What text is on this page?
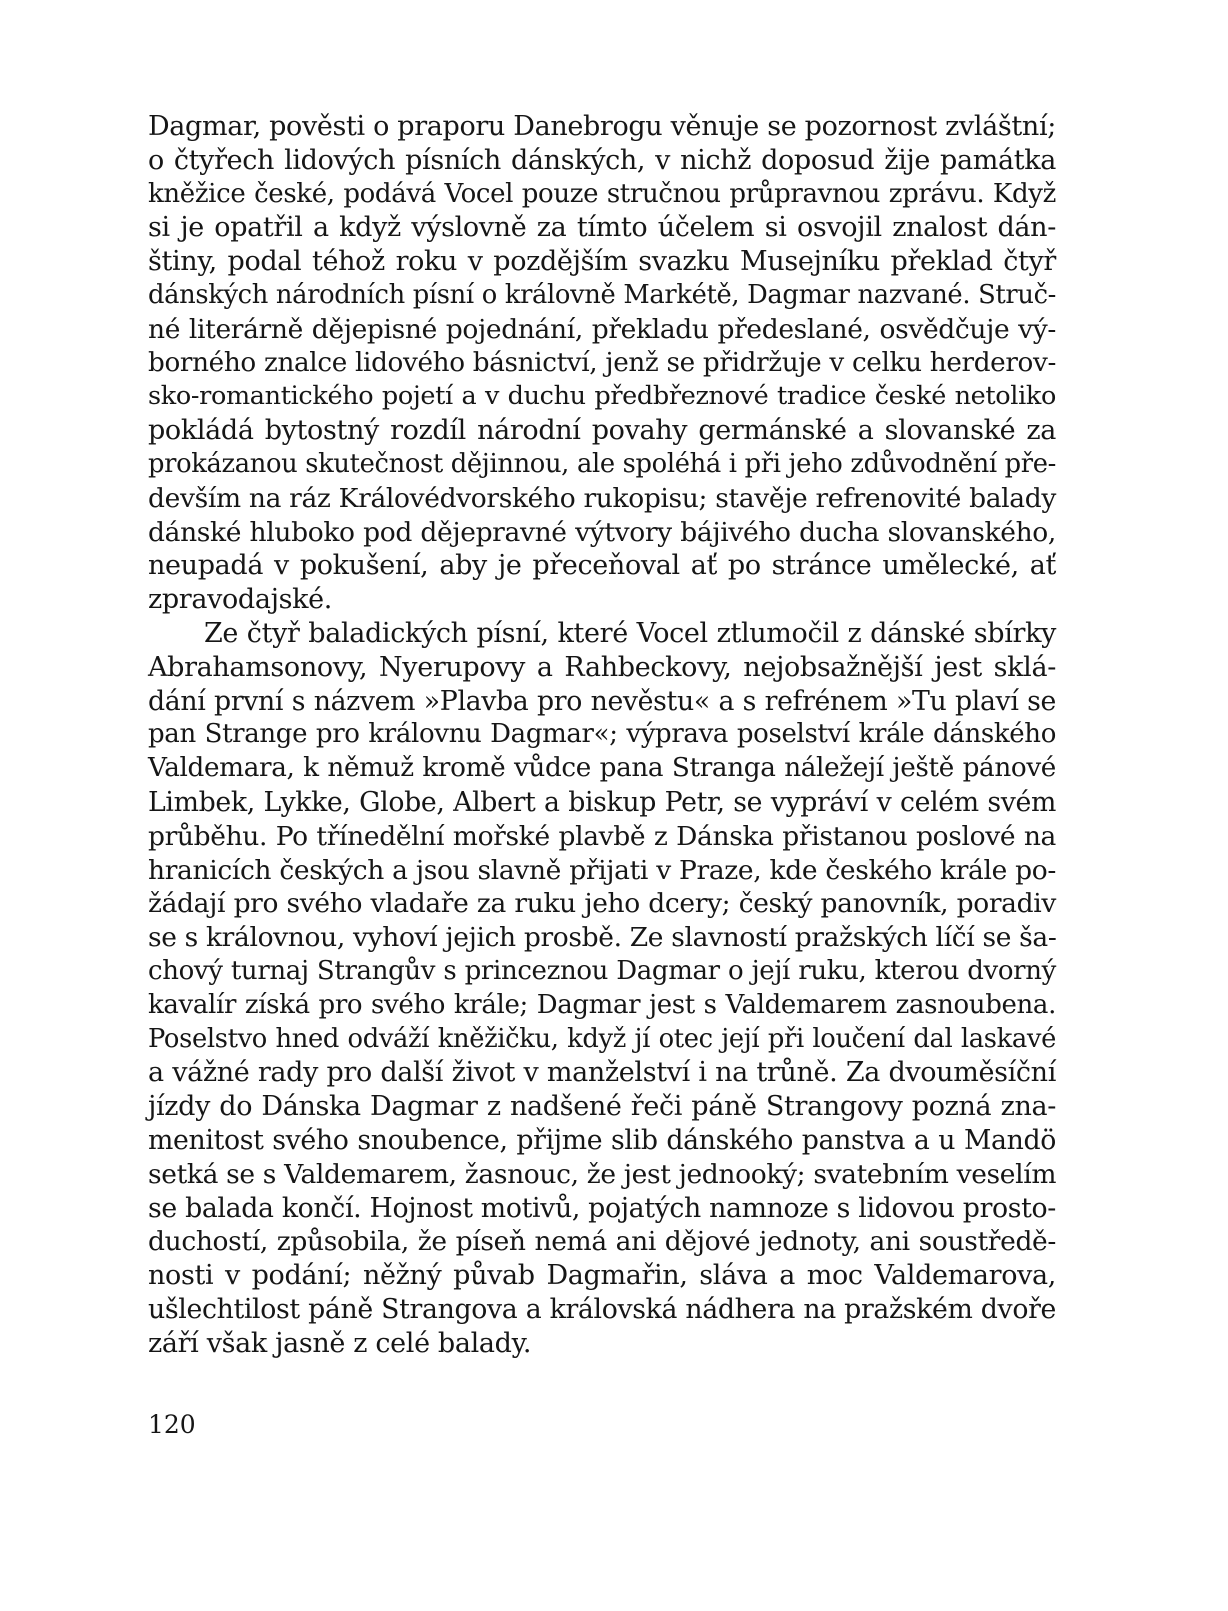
Dagmar, pověsti o praporu Danebrogu věnuje se pozornost zvláštní;
o čtyřech lidových písních dánských, v nichž doposud žije památka
kněžice české, podává Vocel pouze stručnou průpravnou zprávu. Když
si je opatřil a když výslovně za tímto účelem si osvojil znalost dán-
štiny, podal téhož roku v pozdějším svazku Musejníku překlad čtyř
dánských národních písní o královně Markétě, Dagmar nazvané. Struč-
né literárně dějepisné pojednání, překladu předeslané, osvědčuje vý-
borného znalce lidového básnictví, jenž se přidržuje v celku herderov-
sko-romantického pojetí a v duchu předbřeznové tradice české netoliko
pokládá bytostný rozdíl národní povahy germánské a slovanské za
prokázanou skutečnost dějinnou, ale spoléhá i při jeho zdůvodnění pře-
devším na ráz Královédvorského rukopisu; stavěje refrenovité balady
dánské hluboko pod dějepravné výtvory bájivého ducha slovanského,
neupadá v pokušení, aby je přeceňoval ať po stránce umělecké, ať
zpravodajské.
Ze čtyř baladických písní, které Vocel ztlumočil z dánské sbírky
Abrahamsonovy, Nyerupovy a Rahbeckovy, nejobsažnější jest sklá-
dání první s názvem »Plavba pro nevěstu« a s refrénem »Tu plaví se
pan Strange pro královnu Dagmar«; výprava poselství krále dánského
Valdemara, k němuž kromě vůdce pana Stranga náležejí ještě pánové
Limbek, Lykke, Globe, Albert a biskup Petr, se vypráví v celém svém
průběhu. Po třínedělní mořské plavbě z Dánska přistanou poslové na
hranicích českých a jsou slavně přijati v Praze, kde českého krále po-
žádají pro svého vladaře za ruku jeho dcery; český panovník, poradiv
se s královnou, vyhoví jejich prosbě. Ze slavností pražských líčí se ša-
chový turnaj Strangův s princeznou Dagmar o její ruku, kterou dvorný
kavalír získá pro svého krále; Dagmar jest s Valdemarem zasnoubena.
Poselstvo hned odváží kněžičku, když jí otec její při loučení dal laskavé
a vážné rady pro další život v manželství i na trůně. Za dvouměsíční
jízdy do Dánska Dagmar z nadšené řeči páně Strangovy pozná zna-
menitost svého snoubence, přijme slib dánského panstva a u Mandö
setká se s Valdemarem, žasnouc, že jest jednooký; svatebním veselím
se balada končí. Hojnost motivů, pojatých namnoze s lidovou prosto-
duchostí, způsobila, že píseň nemá ani dějové jednoty, ani soustředě-
nosti v podání; něžný půvab Dagmařin, sláva a moc Valdemarova,
ušlechtilost páně Strangova a královská nádhera na pražském dvoře
září však jasně z celé balady.
120
